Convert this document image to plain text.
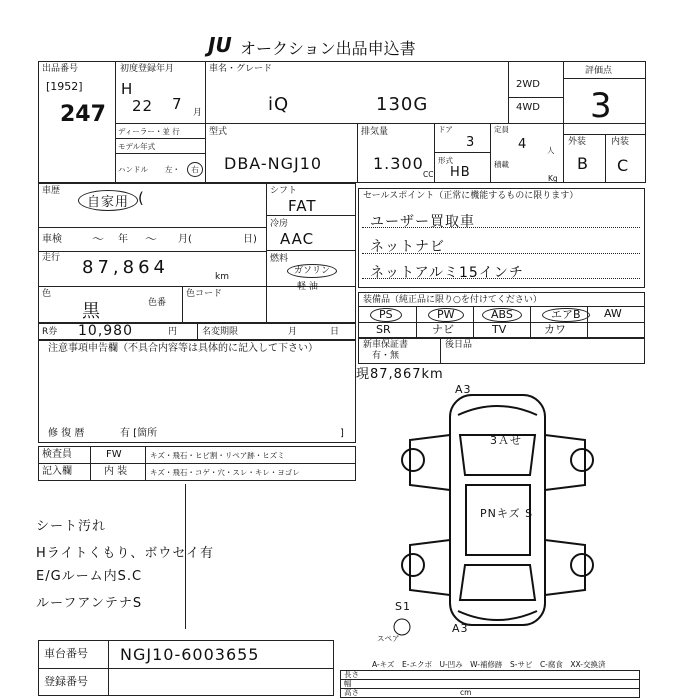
JU オークション出品申込書
出品番号
[1952]
247
初度登録年月
H
22 7 月
車名・グレード
iQ	130G
2WD
4WD
評価点
3
ディーラー・並 行
モデル年式
ハンドル 左・	右
型式
DBA-NGJ10
排気量
1.300
CC
ドア
3
形式
HB
定員
4	人
積載
Kg
外装	内装
B C
車歴
自家用 (
車検	〜 年 〜 月(	日)
走行 87,864	km
シフト
FAT
冷房
AAC
燃料
ガソリン
軽 油
色
黒	色番
色コード
R券 10,980	円	名変期限	月	日
セールスポイント（正常に機能するものに限ります）
ユーザー買取車
ネットナビ
ネットアルミ15インチ
装備品（純正品に限り○を付けてください）
PS	PW	ABS	エアB	AW
SR	ナビ	TV	カワ
新車保証書
有・無
後日品
注意事項申告欄（不具合内容等は具体的に記入して下さい）
修 復 暦	有 [箇所	]
現87,867km
検査員
記入欄
FW	キズ・飛石・ヒビ割・リペア跡・ヒズミ
内 装	キズ・飛石・コゲ・穴・スレ・キレ・ヨゴレ
シート汚れ
Hライトくもり、ボウセイ有
E/Gルーム内S.C
ルーフアンテナS
A3
3Ａせ
PNキズ S
S1
A3
スペア
車台番号 NGJ10-6003655
登録番号
A-キズ　E-エクボ　U-凹み　W-補修跡　S-サビ　C-腐食　XX-交換済
長さ
幅
高さ	cm
